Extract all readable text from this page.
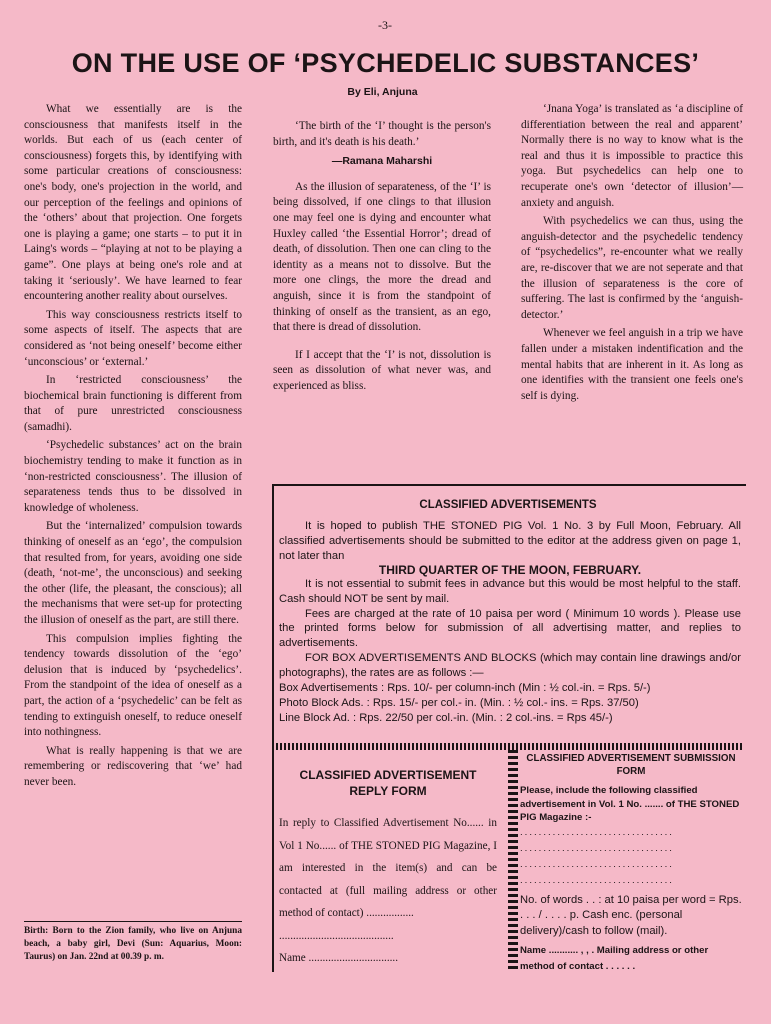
-3-
ON THE USE OF ‘PSYCHEDELIC SUBSTANCES’
By Eli, Anjuna

What we essentially are is the consciousness that manifests itself in the worlds. But each of us (each center of consciousness) forgets this, by identifying with some particular creations of consciousness: one's body, one's projection in the world, and our perception of the feelings and opinions of the ‘others’ about that projection. One forgets one is playing a game; one starts – to put it in Laing's words – “playing at not to be playing a game”. One plays at being one's role and at taking it ‘seriously’. We have learned to fear encountering another reality about ourselves.

This way consciousness restricts itself to some aspects of itself. The aspects that are considered as ‘not being oneself’ become either ‘unconscious’ or ‘external.’

In ‘restricted consciousness’ the biochemical brain functioning is different from that of pure unrestricted consciousness (samadhi).

‘Psychedelic substances’ act on the brain biochemistry tending to make it function as in ‘non-restricted consciousness’. The illusion of separateness tends thus to be dissolved in knowledge of wholeness.

But the ‘internalized’ compulsion towards thinking of oneself as an ‘ego’, the compulsion that resulted from, for years, avoiding one side (death, ‘not-me’, the unconscious) and seeking the other (life, the pleasant, the conscious); all the mechanisms that were set-up for protecting the illusion of oneself as the part, are still there.

This compulsion implies fighting the tendency towards dissolution of the ‘ego’ delusion that is induced by ‘psychedelics’. From the standpoint of the idea of oneself as a part, the action of a ‘psychedelic’ can be felt as tending to extinguish oneself, to reduce oneself into nothingness.

What is really happening is that we are remembering or rediscovering that ‘we’ had never been.

Birth: Born to the Zion family, who live on Anjuna beach, a baby girl, Devi (Sun: Aquarius, Moon: Taurus) on Jan. 22nd at 00.39 p. m.

‘The birth of the ‘I’ thought is the person's birth, and it's death is his death.’

—Ramana Maharshi

As the illusion of separateness, of the ‘I’ is being dissolved, if one clings to that illusion one may feel one is dying and encounter what Huxley called ‘the Essential Horror’; dread of death, of dissolution. Then one can cling to the identity as a means not to dissolve. But the more one clings, the more the dread and anguish, since it is from the standpoint of thinking of onself as the transient, as an ego, that there is dread of dissolution.

If I accept that the ‘I’ is not, dissolution is seen as dissolution of what never was, and experienced as bliss.

‘Jnana Yoga’ is translated as ‘a discipline of differentiation between the real and apparent’ Normally there is no way to know what is the real and thus it is impossible to practice this yoga. But psychedelics can help one to recuperate one's own ‘detector of illusion’—anxiety and anguish.

With psychedelics we can thus, using the anguish-detector and the psychedelic tendency of “psychedelics”, re-encounter what we really are, re-discover that we are not seperate and that the illusion of separateness is the core of suffering. The last is confirmed by the ‘anguish-detector.’

Whenever we feel anguish in a trip we have fallen under a mistaken indentification and the mental habits that are inherent in it. As long as one identifies with the transient one feels one's self is dying.

CLASSIFIED ADVERTISEMENTS

It is hoped to publish THE STONED PIG Vol. 1 No. 3 by Full Moon, February. All classified advertisements should be submitted to the editor at the address given on page 1, not later than

THIRD QUARTER OF THE MOON, FEBRUARY.

It is not essential to submit fees in advance but this would be most helpful to the staff. Cash should NOT be sent by mail.

Fees are charged at the rate of 10 paisa per word ( Minimum 10 words ). Please use the printed forms below for submission of all advertising matter, and replies to advertisements.

FOR BOX ADVERTISEMENTS AND BLOCKS (which may contain line drawings and/or photographs), the rates are as follows :—

Box Advertisements : Rps. 10/- per column-inch (Min : ½ col.-in. = Rps. 5/-)

Photo Block Ads. : Rps. 15/- per col.- in. (Min. : ½ col.- ins. = Rps. 37/50)

Line Block Ad. : Rps. 22/50 per col.-in. (Min. : 2 col.-ins. = Rps 45/-)

CLASSIFIED ADVERTISEMENT REPLY FORM
In reply to Classified Advertisement No...... in Vol 1 No...... of THE STONED PIG Magazine, I am interested in the item(s) and can be contacted at (full mailing address or other method of contact) .................
.........................................
Name ................................
CLASSIFIED ADVERTISEMENT SUBMISSION FORM
Please, include the following classified advertisement in Vol. 1 No. ....... of THE STONED PIG Magazine :-
.................................
.................................
.................................
.................................
No. of words . . : at 10 paisa per word = Rps. . . . / . . . . p. Cash enc. (personal delivery)/cash to follow (mail).
Name ........... , , . Mailing address or other method of contact . . . . . .
